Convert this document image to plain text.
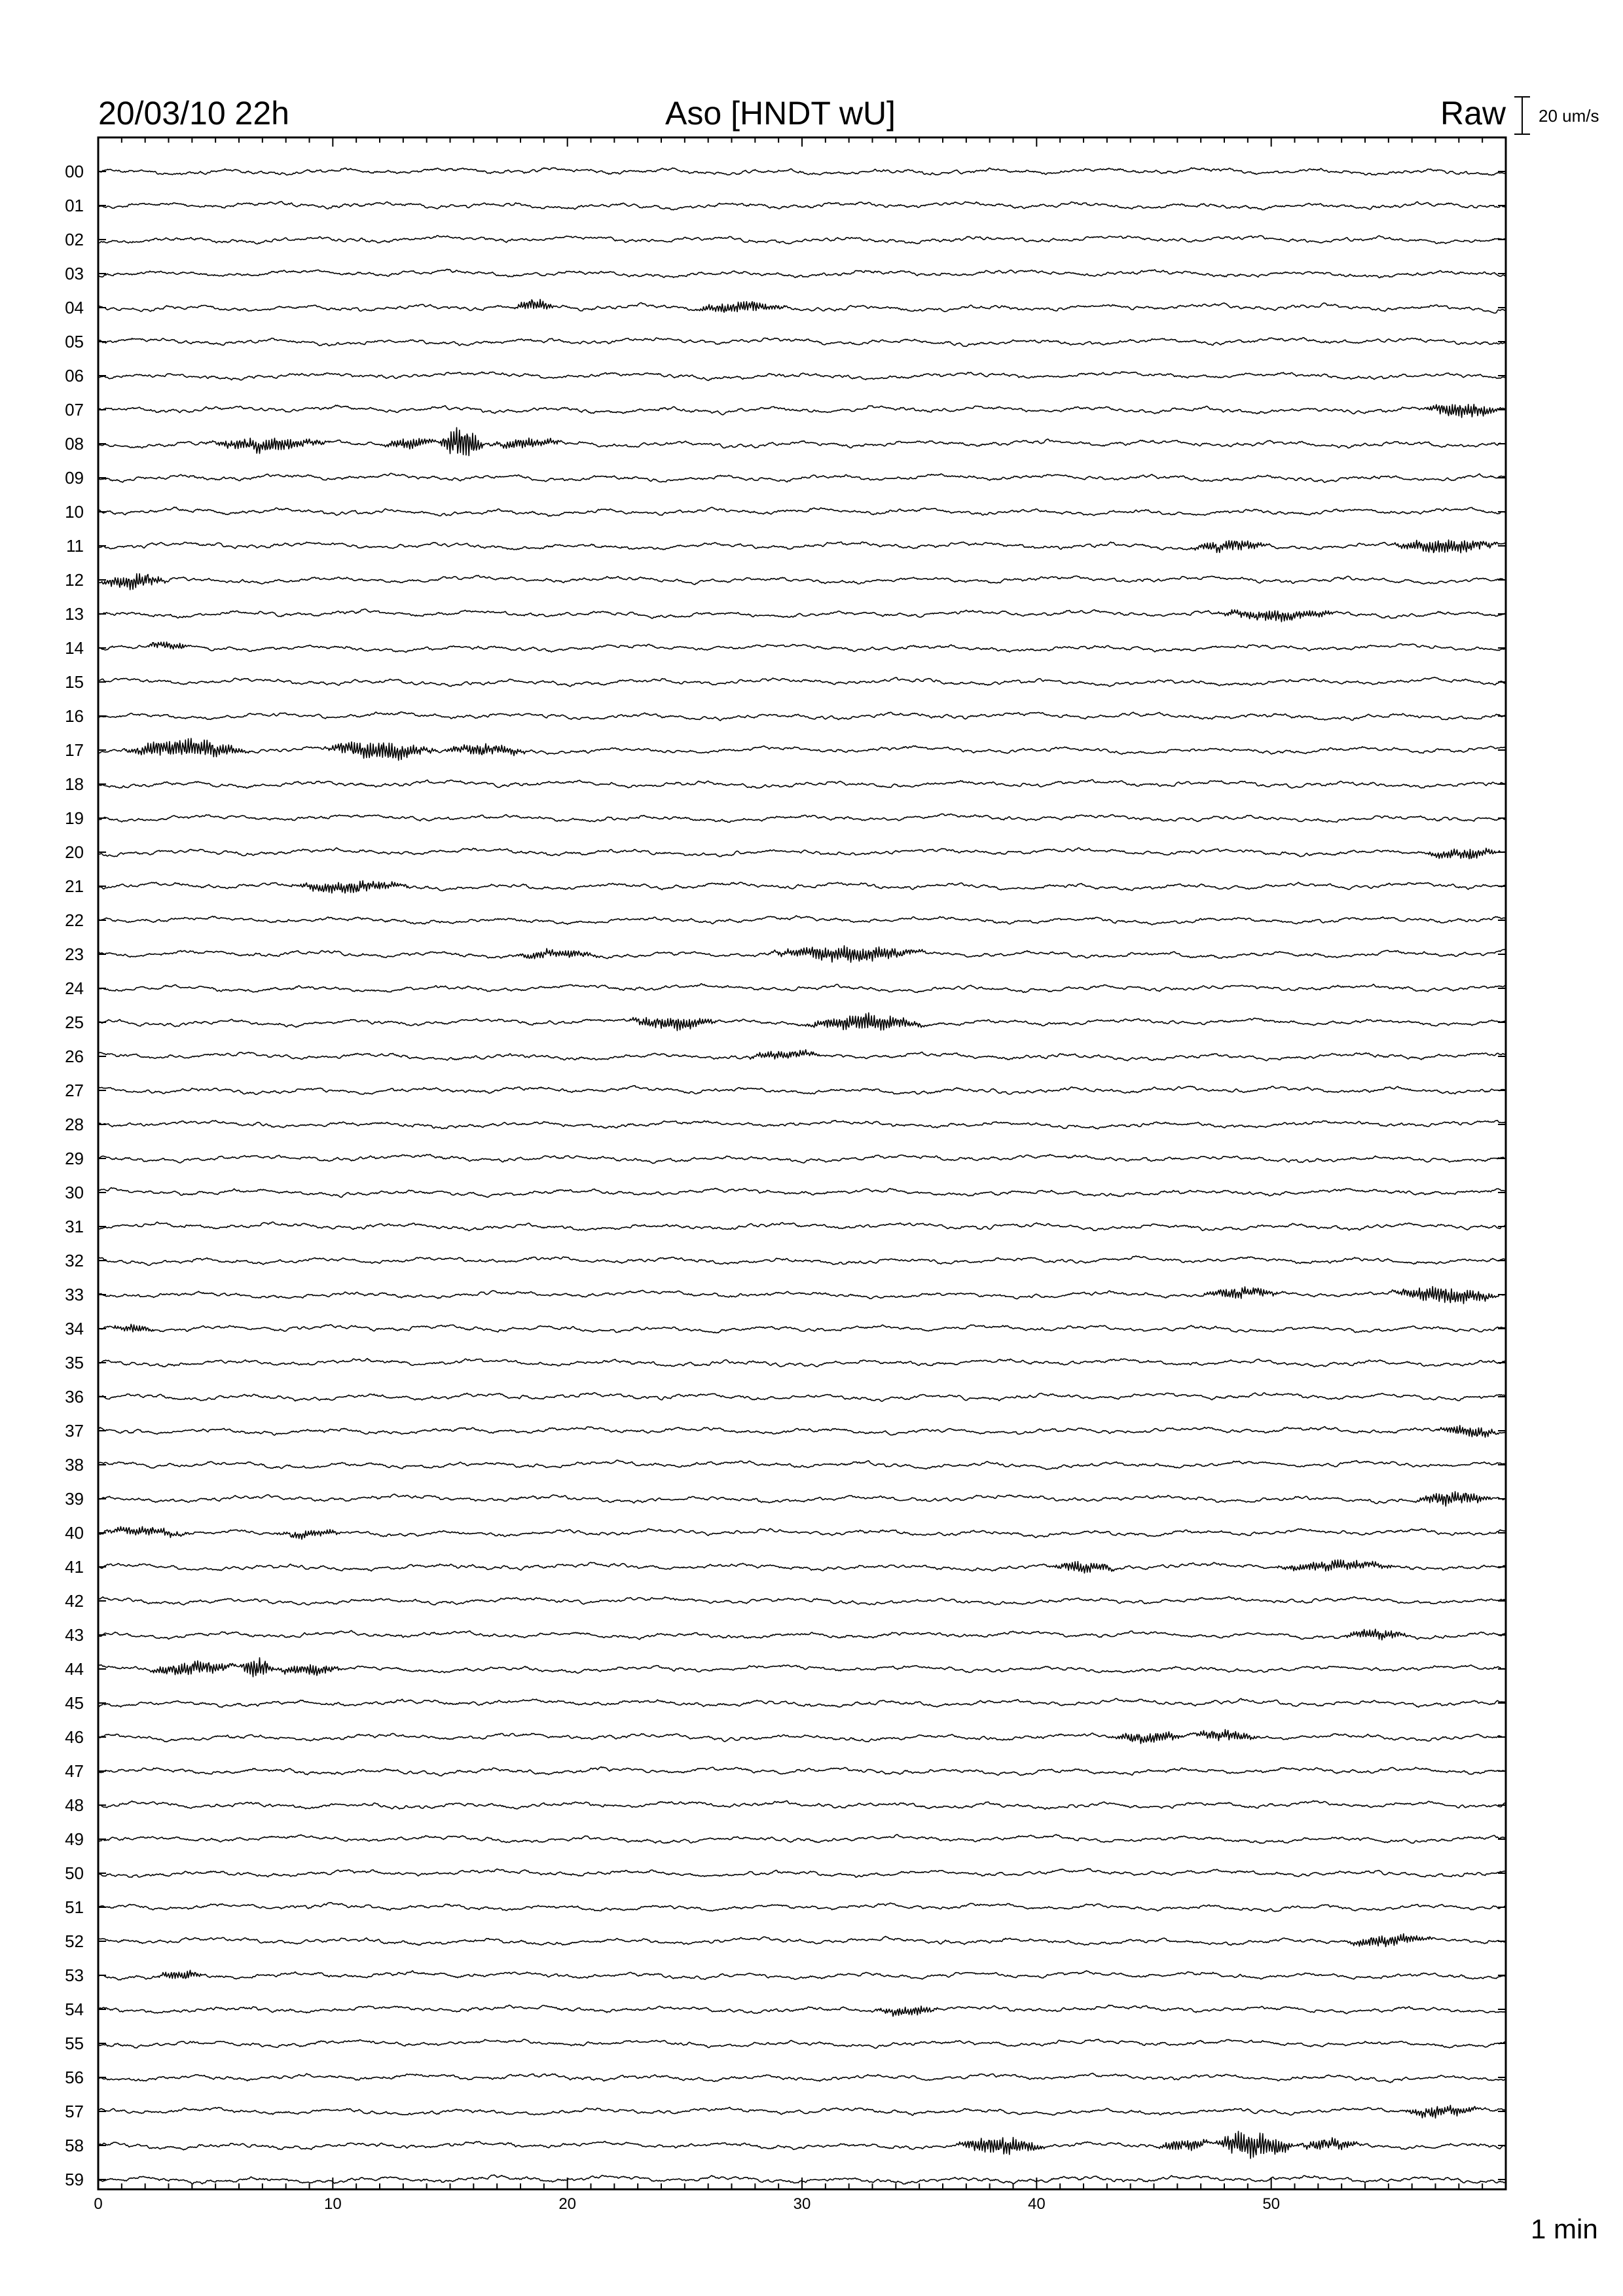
20/03/10 22h	Aso [HNDT wU]	Raw 20 um/s
00
01
02
03
04
05
06
07
08
09
10
11
12
13
14
15
16
17
18
19
20
21
22
23
24
25
26
27
28
29
30
31
32
33
34
35
36
37
38
39
40
41
42
43
44
45
46
47
48
49
50
51
52
53
54
55
56
57
58
59
0	10	20	30	40	50
1 min
